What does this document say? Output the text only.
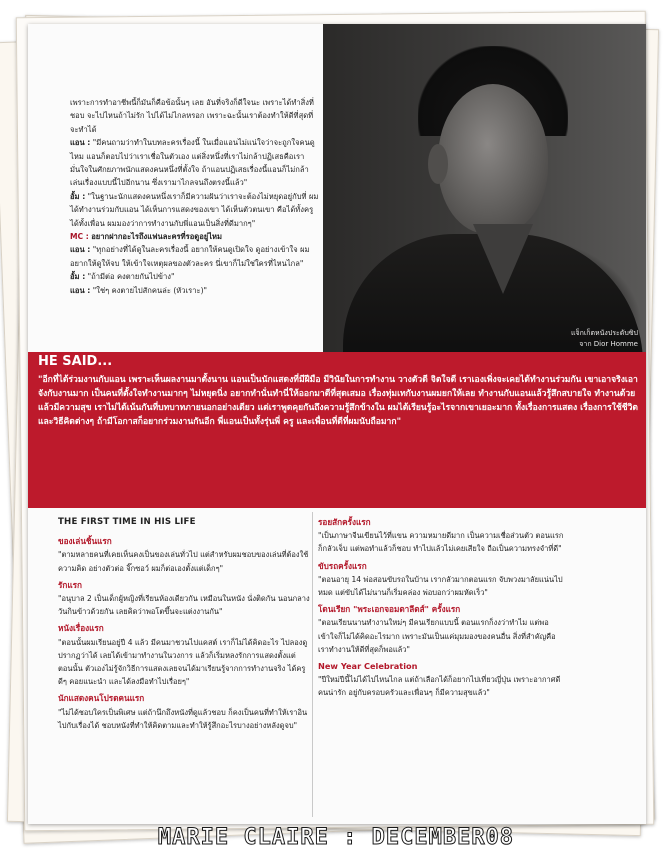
แจ็กเก็ตหนังประดับซิป
จาก Dior Homme

เพราะการทำอาชีพนี้ก็มันก็คือข้อนั้นๆ เลย อันที่จริงก็ดีใจนะ เพราะได้ทำสิ่งที่ชอบ จะไปไหนถ้าไม่รัก ไปได้ไม่ไกลหรอก เพราะฉะนั้นเราต้องทำให้ดีที่สุดที่จะทำได้

แอน : "มีคนถามว่าทำในบทละครเรื่องนี้ ในเมื่อแอนไม่แน่ใจว่าจะถูกใจคนดูไหม แอนก็ตอบไปว่าเราเชื่อในตัวเอง แต่สิ่งหนึ่งที่เราไม่กล้าปฏิเสธคือเรามั่นใจในศักยภาพนักแสดงคนหนึ่งที่ตั้งใจ ถ้าแอนปฏิเสธเรื่องนี้แอนก็ไม่กล้าเล่นเรื่องแบบนี้ไปอีกนาน ซึ่งเรามาไกลจนถึงตรงนี้แล้ว"

อั้ม : "ในฐานะนักแสดงคนหนึ่งเราก็มีความฝันว่าเราจะต้องไม่หยุดอยู่กับที่ ผมได้ทำงานร่วมกับแอน ได้เห็นการแสดงของเขา ได้เห็นตัวตนเขา คือได้ทั้งครูได้ทั้งเพื่อน ผมมองว่าการทำงานกับพี่แอนเป็นสิ่งที่ดีมากๆ"

MC : อยากฝากอะไรถึงแฟนละครที่รอดูอยู่ไหม

แอน : "ทุกอย่างที่ได้ดูในละครเรื่องนี้ อยากให้คนดูเปิดใจ ดูอย่างเข้าใจ ผมอยากให้ดูให้จบ ให้เข้าใจเหตุผลของตัวละคร นี่เขาก็ไม่ใช่ใครที่ไหนไกล"

อั้ม : "ถ้ามีต่อ คงตายกันไปข้าง"

แอน : "ใช่ๆ คงตายไปสักคนล่ะ (หัวเราะ)"

HE SAID...
"อีกที่ได้ร่วมงานกับแอน เพราะเห็นผลงานมาตั้งนาน แอนเป็นนักแสดงที่มีฝีมือ มีวินัยในการทำงาน วางตัวดี จิตใจดี เราเองเพิ่งจะเคยได้ทำงานร่วมกัน เขาเอาจริงเอาจังกับงานมาก เป็นคนที่ตั้งใจทำงานมากๆ ไม่หยุดนิ่ง อยากทำนั่นทำนี่ให้ออกมาดีที่สุดเสมอ เรื่องทุ่มเทกับงานผมยกให้เลย ทำงานกับแอนแล้วรู้สึกสบายใจ ทำงานด้วยแล้วมีความสุข เราไม่ได้เน้นกันที่บทบาทภายนอกอย่างเดียว แต่เราพูดคุยกันถึงความรู้สึกข้างใน ผมได้เรียนรู้อะไรจากเขาเยอะมาก ทั้งเรื่องการแสดง เรื่องการใช้ชีวิต และวิธีคิดต่างๆ ถ้ามีโอกาสก็อยากร่วมงานกันอีก พี่แอนเป็นทั้งรุ่นพี่ ครู และเพื่อนที่ดีที่ผมนับถือมาก"
THE FIRST TIME IN HIS LIFE
ของเล่นชิ้นแรก
"ตามหลายคนที่เคยเห็นคงเป็นของเล่นทั่วไป แต่สำหรับผมชอบของเล่นที่ต้องใช้ความคิด อย่างตัวต่อ จิ๊กซอว์ ผมก็ต่อเองตั้งแต่เด็กๆ"
รักแรก
"อนุบาล 2 เป็นเด็กผู้หญิงที่เรียนห้องเดียวกัน เหมือนในหนัง นั่งติดกัน นอนกลางวันกินข้าวด้วยกัน เลยคิดว่าพอโตขึ้นจะแต่งงานกัน"
หนังเรื่องแรก
"ตอนนั้นผมเรียนอยู่ปี 4 แล้ว มีคนมาชวนไปแคสต์ เราก็ไม่ได้คิดอะไร ไปลองดู ปรากฏว่าได้ เลยได้เข้ามาทำงานในวงการ แล้วก็เริ่มหลงรักการแสดงตั้งแต่ตอนนั้น ตัวเองไม่รู้จักวิธีการแสดงเลยจนได้มาเรียนรู้จากการทำงานจริง ได้ครูดีๆ คอยแนะนำ และได้ลงมือทำไปเรื่อยๆ"
นักแสดงคนโปรดคนแรก
"ไม่ได้ชอบใครเป็นพิเศษ แต่ถ้านึกถึงหนังที่ดูแล้วชอบ ก็คงเป็นคนที่ทำให้เราอินไปกับเรื่องได้ ชอบหนังที่ทำให้คิดตามและทำให้รู้สึกอะไรบางอย่างหลังดูจบ"
รอยสักครั้งแรก
"เป็นภาษาจีนเขียนไว้ที่แขน ความหมายดีมาก เป็นความเชื่อส่วนตัว ตอนแรกก็กลัวเจ็บ แต่พอทำแล้วก็ชอบ ทำไปแล้วไม่เคยเสียใจ ถือเป็นความทรงจำที่ดี"
ขับรถครั้งแรก
"ตอนอายุ 14 พ่อสอนขับรถในบ้าน เรากลัวมากตอนแรก จับพวงมาลัยแน่นไปหมด แต่ขับได้ไม่นานก็เริ่มคล่อง พ่อบอกว่าผมหัดเร็ว"
โดนเรียก "พระเอกจอมตาลีตส์" ครั้งแรก
"ตอนเรียนนานทำงานใหม่ๆ มีคนเรียกแบบนี้ ตอนแรกก็งงว่าทำไม แต่พอเข้าใจก็ไม่ได้คิดอะไรมาก เพราะมันเป็นแค่มุมมองของคนอื่น สิ่งที่สำคัญคือเราทำงานให้ดีที่สุดก็พอแล้ว"
New Year Celebration
"ปีใหม่ปีนี้ไม่ได้ไปไหนไกล แต่ถ้าเลือกได้ก็อยากไปเที่ยวญี่ปุ่น เพราะอากาศดี คนน่ารัก อยู่กับครอบครัวและเพื่อนๆ ก็มีความสุขแล้ว"
MARIE CLAIRE : DECEMBER08
